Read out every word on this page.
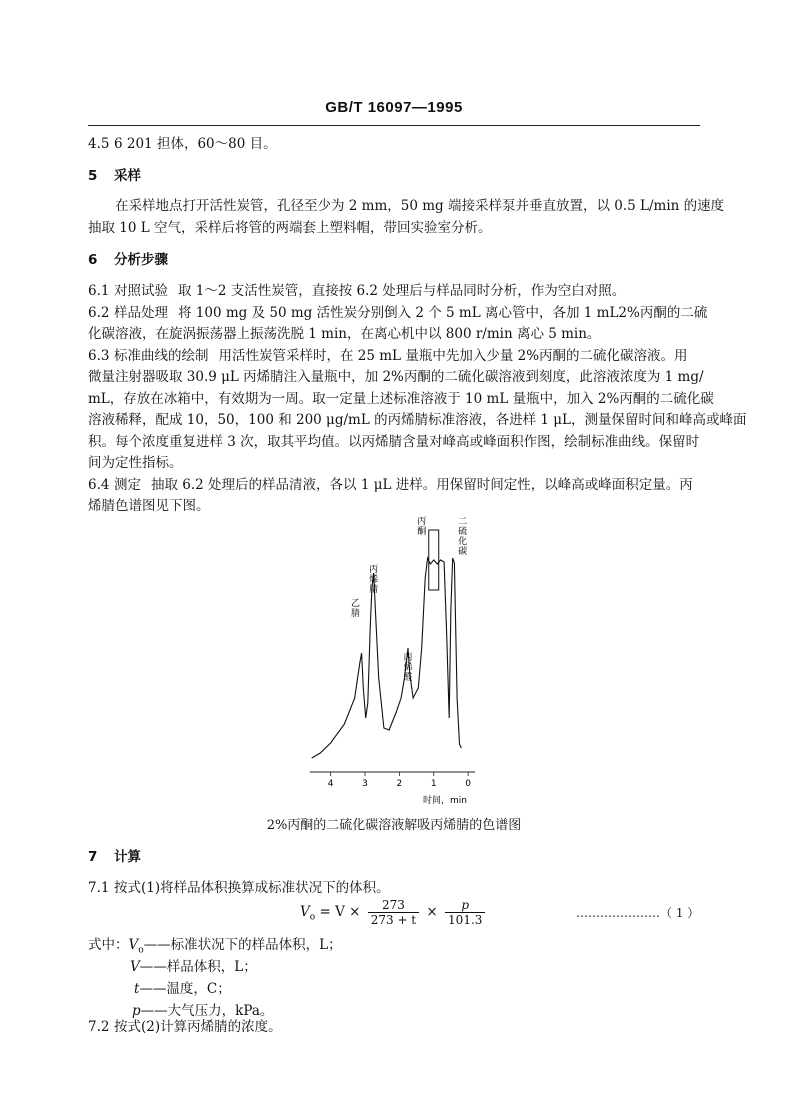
GB/T 16097—1995
4.5 6 201 担体，60～80 目。
5 采样
在采样地点打开活性炭管，孔径至少为 2 mm，50 mg 端接采样泵并垂直放置，以 0.5 L/min 的速度
抽取 10 L 空气，采样后将管的两端套上塑料帽，带回实验室分析。
6 分析步骤
6.1 对照试验 取 1～2 支活性炭管，直接按 6.2 处理后与样品同时分析，作为空白对照。
6.2 样品处理 将 100 mg 及 50 mg 活性炭分别倒入 2 个 5 mL 离心管中，各加 1 mL2%丙酮的二硫
化碳溶液，在旋涡振荡器上振荡洗脱 1 min，在离心机中以 800 r/min 离心 5 min。
6.3 标准曲线的绘制 用活性炭管采样时，在 25 mL 量瓶中先加入少量 2%丙酮的二硫化碳溶液。用
微量注射器吸取 30.9 μL 丙烯腈注入量瓶中，加 2%丙酮的二硫化碳溶液到刻度，此溶液浓度为 1 mg/
mL，存放在冰箱中，有效期为一周。取一定量上述标准溶液于 10 mL 量瓶中，加入 2%丙酮的二硫化碳
溶液稀释，配成 10，50，100 和 200 μg/mL 的丙烯腈标准溶液，各进样 1 μL，测量保留时间和峰高或峰面
积。每个浓度重复进样 3 次，取其平均值。以丙烯腈含量对峰高或峰面积作图，绘制标准曲线。保留时
间为定性指标。
6.4 测定 抽取 6.2 处理后的样品清液，各以 1 μL 进样。用保留时间定性，以峰高或峰面积定量。丙
烯腈色谱图见下图。
4	3	2	1	0
乙腈
丙烯腈
丙烯醛
丙酮
二硫化碳
时间，min
2%丙酮的二硫化碳溶液解吸丙烯腈的色谱图
7 计算
7.1 按式(1)将样品体积换算成标准状况下的体积。
$V_o = V \times \frac{273}{273 + t} \times \frac{p}{101.3}$	…………………（ 1 ）
式中：$V_o——$标准状况下的样品体积，L；
V——样品体积，L；
t——温度，C；
p——大气压力，kPa。
7.2 按式(2)计算丙烯腈的浓度。
